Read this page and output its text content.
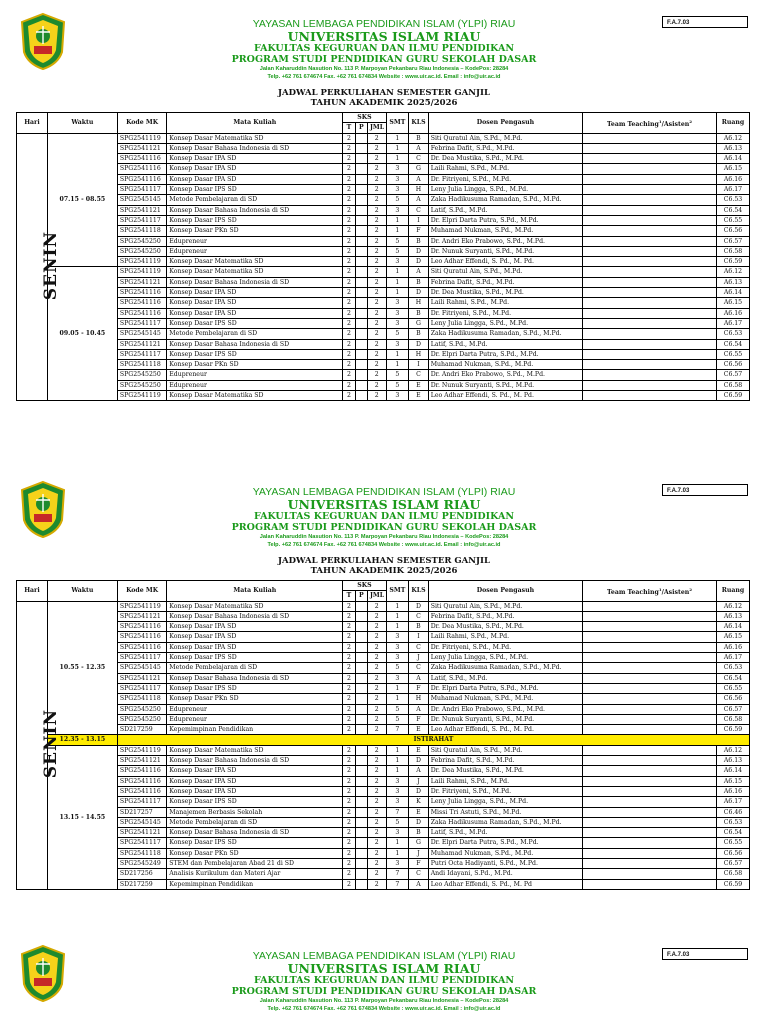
YAYASAN LEMBAGA PENDIDIKAN ISLAM (YLPI) RIAU
UNIVERSITAS ISLAM RIAU
FAKULTAS KEGURUAN DAN ILMU PENDIDIKAN
PROGRAM STUDI PENDIDIKAN GURU SEKOLAH DASAR
Jalan Kaharuddin Nasution No. 113 P. Marpoyan Pekanbaru Riau Indonesia – KodePos: 28284
Telp. +62 761 674674 Fax. +62 761 674834 Website : www.uir.ac.id. Email : info@uir.ac.id
F.A.7.03
JADWAL PERKULIAHAN SEMESTER GANJIL
TAHUN AKADEMIK 2025/2026
Hari	Waktu	Kode MK	Mata Kuliah	SKS			SMT	KLS	Dosen Pengasuh	Team Teaching$^1$/Asisten$^2$	Ruang
				T	P	JML					
SENIN	07.15 - 08.55	SPG2541119	Konsep Dasar Matematika SD	2		2	1	B	Siti Quratul Ain, S.Pd., M.Pd.		A6.12
		SPG2541121	Konsep Dasar Bahasa Indonesia di SD	2		2	1	A	Febrina Dafit, S.Pd., M.Pd.		A6.13
		SPG2541116	Konsep Dasar IPA SD	2		2	1	C	Dr. Dea Mustika, S.Pd., M.Pd.		A6.14
		SPG2541116	Konsep Dasar IPA SD	2		2	3	G	Laili Rahmi, S.Pd., M.Pd.		A6.15
		SPG2541116	Konsep Dasar IPA SD	2		2	3	A	Dr. Fitriyeni, S.Pd., M.Pd.		A6.16
		SPG2541117	Konsep Dasar IPS SD	2		2	3	H	Leny Julia Lingga, S.Pd., M.Pd.		A6.17
		SPG2545145	Metode Pembelajaran di SD	2		2	5	A	Zaka Hadikusuma Ramadan, S.Pd., M.Pd.		C6.53
		SPG2541121	Konsep Dasar Bahasa Indonesia di SD	2		2	3	C	Latif, S.Pd., M.Pd.		C6.54
		SPG2541117	Konsep Dasar IPS SD	2		2	1	I	Dr. Elpri Darta Putra, S.Pd., M.Pd.		C6.55
		SPG2541118	Konsep Dasar PKn SD	2		2	1	F	Muhamad Nukman, S.Pd., M.Pd.		C6.56
		SPG2545250	Edupreneur	2		2	5	B	Dr. Andri Eko Prabowo, S.Pd., M.Pd.		C6.57
		SPG2545250	Edupreneur	2		2	5	D	Dr. Nunuk Suryanti, S.Pd., M.Pd.		C6.58
		SPG2541119	Konsep Dasar Matematika SD	2		2	3	D	Leo Adhar Effendi, S. Pd., M. Pd.		C6.59
	09.05 - 10.45	SPG2541119	Konsep Dasar Matematika SD	2		2	1	A	Siti Quratul Ain, S.Pd., M.Pd.		A6.12
		SPG2541121	Konsep Dasar Bahasa Indonesia di SD	2		2	1	B	Febrina Dafit, S.Pd., M.Pd.		A6.13
		SPG2541116	Konsep Dasar IPA SD	2		2	1	D	Dr. Dea Mustika, S.Pd., M.Pd.		A6.14
		SPG2541116	Konsep Dasar IPA SD	2		2	3	H	Laili Rahmi, S.Pd., M.Pd.		A6.15
		SPG2541116	Konsep Dasar IPA SD	2		2	3	B	Dr. Fitriyeni, S.Pd., M.Pd.		A6.16
		SPG2541117	Konsep Dasar IPS SD	2		2	3	G	Leny Julia Lingga, S.Pd., M.Pd.		A6.17
		SPG2545145	Metode Pembelajaran di SD	2		2	5	B	Zaka Hadikusuma Ramadan, S.Pd., M.Pd.		C6.53
		SPG2541121	Konsep Dasar Bahasa Indonesia di SD	2		2	3	D	Latif, S.Pd., M.Pd.		C6.54
		SPG2541117	Konsep Dasar IPS SD	2		2	1	H	Dr. Elpri Darta Putra, S.Pd., M.Pd.		C6.55
		SPG2541118	Konsep Dasar PKn SD	2		2	1	I	Muhamad Nukman, S.Pd., M.Pd.		C6.56
		SPG2545250	Edupreneur	2		2	5	C	Dr. Andri Eko Prabowo, S.Pd., M.Pd.		C6.57
		SPG2545250	Edupreneur	2		2	5	E	Dr. Nunuk Suryanti, S.Pd., M.Pd.		C6.58
		SPG2541119	Konsep Dasar Matematika SD	2		2	3	E	Leo Adhar Effendi, S. Pd., M. Pd.		C6.59
YAYASAN LEMBAGA PENDIDIKAN ISLAM (YLPI) RIAU
UNIVERSITAS ISLAM RIAU
FAKULTAS KEGURUAN DAN ILMU PENDIDIKAN
PROGRAM STUDI PENDIDIKAN GURU SEKOLAH DASAR
Jalan Kaharuddin Nasution No. 113 P. Marpoyan Pekanbaru Riau Indonesia – KodePos: 28284
Telp. +62 761 674674 Fax. +62 761 674834 Website : www.uir.ac.id. Email : info@uir.ac.id
F.A.7.03
JADWAL PERKULIAHAN SEMESTER GANJIL
TAHUN AKADEMIK 2025/2026
Hari	Waktu	Kode MK	Mata Kuliah	SKS			SMT	KLS	Dosen Pengasuh	Team Teaching$^1$/Asisten$^2$	Ruang
				T	P	JML					
SENIN	10.55 - 12.35	SPG2541119	Konsep Dasar Matematika SD	2		2	1	D	Siti Quratul Ain, S.Pd., M.Pd.		A6.12
		SPG2541121	Konsep Dasar Bahasa Indonesia di SD	2		2	1	C	Febrina Dafit, S.Pd., M.Pd.		A6.13
		SPG2541116	Konsep Dasar IPA SD	2		2	1	B	Dr. Dea Mustika, S.Pd., M.Pd.		A6.14
		SPG2541116	Konsep Dasar IPA SD	2		2	3	I	Laili Rahmi, S.Pd., M.Pd.		A6.15
		SPG2541116	Konsep Dasar IPA SD	2		2	3	C	Dr. Fitriyeni, S.Pd., M.Pd.		A6.16
		SPG2541117	Konsep Dasar IPS SD	2		2	3	J	Leny Julia Lingga, S.Pd., M.Pd.		A6.17
		SPG2545145	Metode Pembelajaran di SD	2		2	5	C	Zaka Hadikusuma Ramadan, S.Pd., M.Pd.		C6.53
		SPG2541121	Konsep Dasar Bahasa Indonesia di SD	2		2	3	A	Latif, S.Pd., M.Pd.		C6.54
		SPG2541117	Konsep Dasar IPS SD	2		2	1	F	Dr. Elpri Darta Putra, S.Pd., M.Pd.		C6.55
		SPG2541118	Konsep Dasar PKn SD	2		2	1	H	Muhamad Nukman, S.Pd., M.Pd.		C6.56
		SPG2545250	Edupreneur	2		2	5	A	Dr. Andri Eko Prabowo, S.Pd., M.Pd.		C6.57
		SPG2545250	Edupreneur	2		2	5	F	Dr. Nunuk Suryanti, S.Pd., M.Pd.		C6.58
		SD217259	Kepemimpinan Pendidikan	2		2	7	E	Leo Adhar Effendi, S. Pd., M. Pd.		C6.59
	12.35 - 13.15	ISTIRAHAT									
	13.15 - 14.55	SPG2541119	Konsep Dasar Matematika SD	2		2	1	E	Siti Quratul Ain, S.Pd., M.Pd.		A6.12
		SPG2541121	Konsep Dasar Bahasa Indonesia di SD	2		2	1	D	Febrina Dafit, S.Pd., M.Pd.		A6.13
		SPG2541116	Konsep Dasar IPA SD	2		2	1	A	Dr. Dea Mustika, S.Pd., M.Pd.		A6.14
		SPG2541116	Konsep Dasar IPA SD	2		2	3	J	Laili Rahmi, S.Pd., M.Pd.		A6.15
		SPG2541116	Konsep Dasar IPA SD	2		2	3	D	Dr. Fitriyeni, S.Pd., M.Pd.		A6.16
		SPG2541117	Konsep Dasar IPS SD	2		2	3	K	Leny Julia Lingga, S.Pd., M.Pd.		A6.17
		SD217257	Manajemen Berbasis Sekolah	2		2	7	E	Missi Tri Astuti, S.Pd., M.Pd.		C6.46
		SPG2545145	Metode Pembelajaran di SD	2		2	5	D	Zaka Hadikusuma Ramadan, S.Pd., M.Pd.		C6.53
		SPG2541121	Konsep Dasar Bahasa Indonesia di SD	2		2	3	B	Latif, S.Pd., M.Pd.		C6.54
		SPG2541117	Konsep Dasar IPS SD	2		2	1	G	Dr. Elpri Darta Putra, S.Pd., M.Pd.		C6.55
		SPG2541118	Konsep Dasar PKn SD	2		2	1	J	Muhamad Nukman, S.Pd., M.Pd.		C6.56
		SPG2545249	STEM dan Pembelajaran Abad 21 di SD	2		2	3	F	Putri Octa Hadiyanti, S.Pd., M.Pd.		C6.57
		SD217256	Analisis Kurikulum dan Materi Ajar	2		2	7	C	Andi Idayani, S.Pd., M.Pd.		C6.58
		SD217259	Kepemimpinan Pendidikan	2		2	7	A	Leo Adhar Effendi, S. Pd., M. Pd		C6.59
YAYASAN LEMBAGA PENDIDIKAN ISLAM (YLPI) RIAU
UNIVERSITAS ISLAM RIAU
FAKULTAS KEGURUAN DAN ILMU PENDIDIKAN
PROGRAM STUDI PENDIDIKAN GURU SEKOLAH DASAR
Jalan Kaharuddin Nasution No. 113 P. Marpoyan Pekanbaru Riau Indonesia – KodePos: 28284
Telp. +62 761 674674 Fax. +62 761 674834 Website : www.uir.ac.id. Email : info@uir.ac.id
F.A.7.03
